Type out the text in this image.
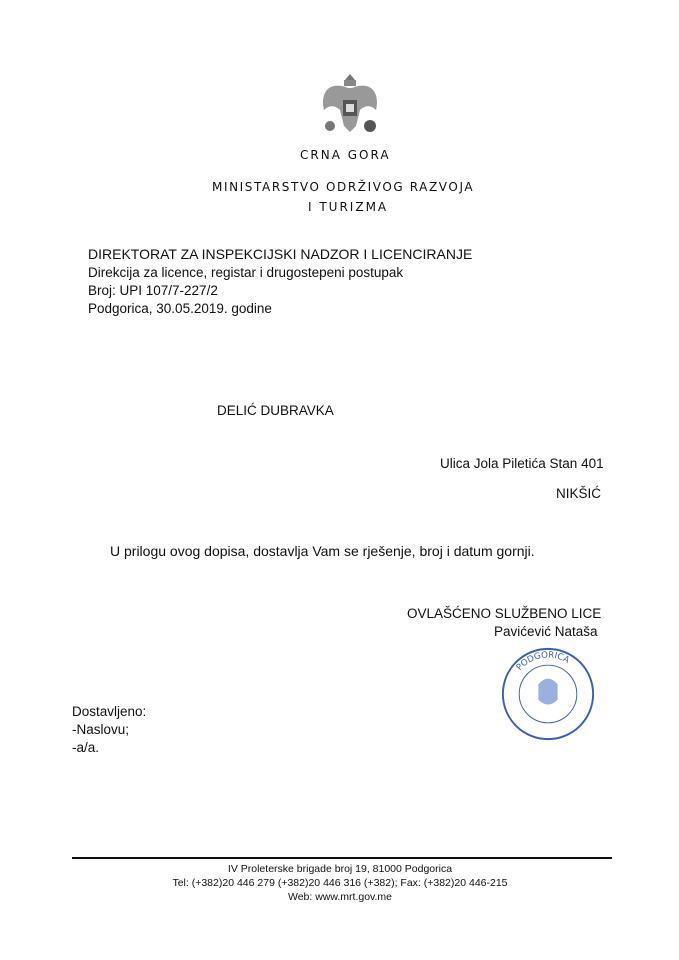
CRNA GORA
MINISTARSTVO ODRŽIVOG RAZVOJA
I TURIZMA
DIREKTORAT ZA INSPEKCIJSKI NADZOR I LICENCIRANJE
Direkcija za licence, registar i drugostepeni postupak
Broj: UPI 107/7-227/2
Podgorica, 30.05.2019. godine
DELIĆ DUBRAVKA
Ulica Jola Piletića Stan 401
NIKŠIĆ
U prilogu ovog dopisa, dostavlja Vam se rješenje, broj i datum gornji.
OVLAŠĆENO SLUŽBENO LICE
Pavićević Nataša
PODGORICA
Dostavljeno:
-Naslovu;
-a/a.
IV Proleterske brigade broj 19, 81000 Podgorica
Tel: (+382)20 446 279 (+382)20 446 316 (+382); Fax: (+382)20 446-215
Web: www.mrt.gov.me
